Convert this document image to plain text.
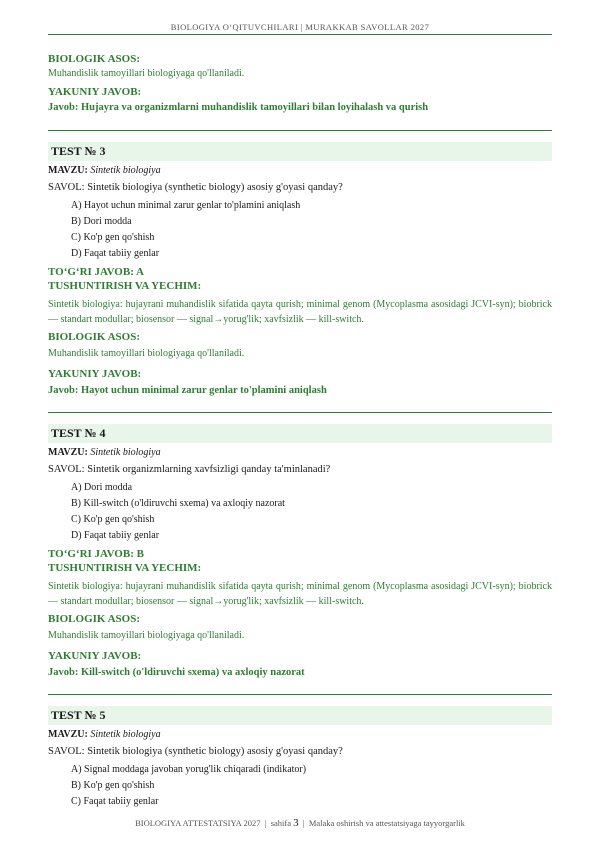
BIOLOGIYA O‘QITUVCHILARI | MURAKKAB SAVOLLAR 2027
BIOLOGIK ASOS:
Muhandislik tamoyillari biologiyaga qo'llaniladi.
YAKUNIY JAVOB:
Javob: Hujayra va organizmlarni muhandislik tamoyillari bilan loyihalash va qurish
TEST № 3
MAVZU: Sintetik biologiya
SAVOL: Sintetik biologiya (synthetic biology) asosiy g'oyasi qanday?
A) Hayot uchun minimal zarur genlar to'plamini aniqlash
B) Dori modda
C) Ko'p gen qo'shish
D) Faqat tabiiy genlar
TO‘G‘RI JAVOB: A
TUSHUNTIRISH VA YECHIM:
Sintetik biologiya: hujayrani muhandislik sifatida qayta qurish; minimal genom (Mycoplasma asosidagi JCVI-syn); biobrick — standart modullar; biosensor — signal→yorug'lik; xavfsizlik — kill-switch.
BIOLOGIK ASOS:
Muhandislik tamoyillari biologiyaga qo'llaniladi.
YAKUNIY JAVOB:
Javob: Hayot uchun minimal zarur genlar to'plamini aniqlash
TEST № 4
MAVZU: Sintetik biologiya
SAVOL: Sintetik organizmlarning xavfsizligi qanday ta'minlanadi?
A) Dori modda
B) Kill-switch (o'ldiruvchi sxema) va axloqiy nazorat
C) Ko'p gen qo'shish
D) Faqat tabiiy genlar
TO‘G‘RI JAVOB: B
TUSHUNTIRISH VA YECHIM:
Sintetik biologiya: hujayrani muhandislik sifatida qayta qurish; minimal genom (Mycoplasma asosidagi JCVI-syn); biobrick — standart modullar; biosensor — signal→yorug'lik; xavfsizlik — kill-switch.
BIOLOGIK ASOS:
Muhandislik tamoyillari biologiyaga qo'llaniladi.
YAKUNIY JAVOB:
Javob: Kill-switch (o'ldiruvchi sxema) va axloqiy nazorat
TEST № 5
MAVZU: Sintetik biologiya
SAVOL: Sintetik biologiya (synthetic biology) asosiy g'oyasi qanday?
A) Signal moddaga javoban yorug'lik chiqaradi (indikator)
B) Ko'p gen qo'shish
C) Faqat tabiiy genlar
BIOLOGIYA ATTESTATSIYA 2027  |  sahifa 3  |  Malaka oshirish va attestatsiyaga tayyorgarlik
